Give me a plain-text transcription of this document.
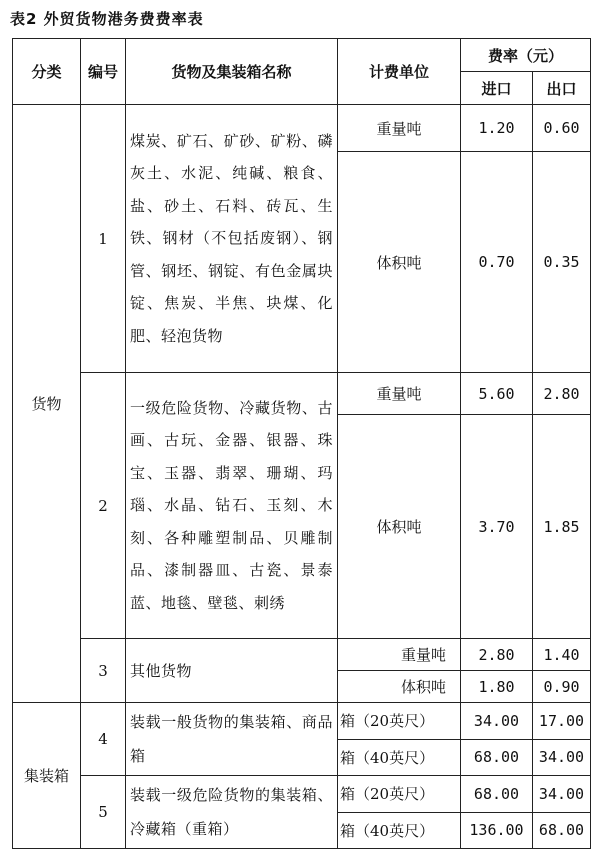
表2 外贸货物港务费费率表
分类	编号	货物及集装箱名称	计费单位	费率（元）	
				进口	出口
货物	1	煤炭、矿石、矿砂、矿粉、磷灰土、水泥、纯碱、粮食、盐、砂土、石料、砖瓦、生铁、钢材（不包括废钢）、钢管、钢坯、钢锭、有色金属块锭、焦炭、半焦、块煤、化肥、轻泡货物	重量吨	1.20	0.60
			体积吨	0.70	0.35
	2	一级危险货物、冷藏货物、古画、古玩、金器、银器、珠宝、玉器、翡翠、珊瑚、玛瑙、水晶、钻石、玉刻、木刻、各种雕塑制品、贝雕制品、漆制器皿、古瓷、景泰蓝、地毯、壁毯、刺绣	重量吨	5.60	2.80
			体积吨	3.70	1.85
	3	其他货物	重量吨	2.80	1.40
			体积吨	1.80	0.90
集装箱	4	装载一般货物的集装箱、商品箱	箱（20英尺）	34.00	17.00
			箱（40英尺）	68.00	34.00
	5	装载一级危险货物的集装箱、冷藏箱（重箱）	箱（20英尺）	68.00	34.00
			箱（40英尺）	136.00	68.00
